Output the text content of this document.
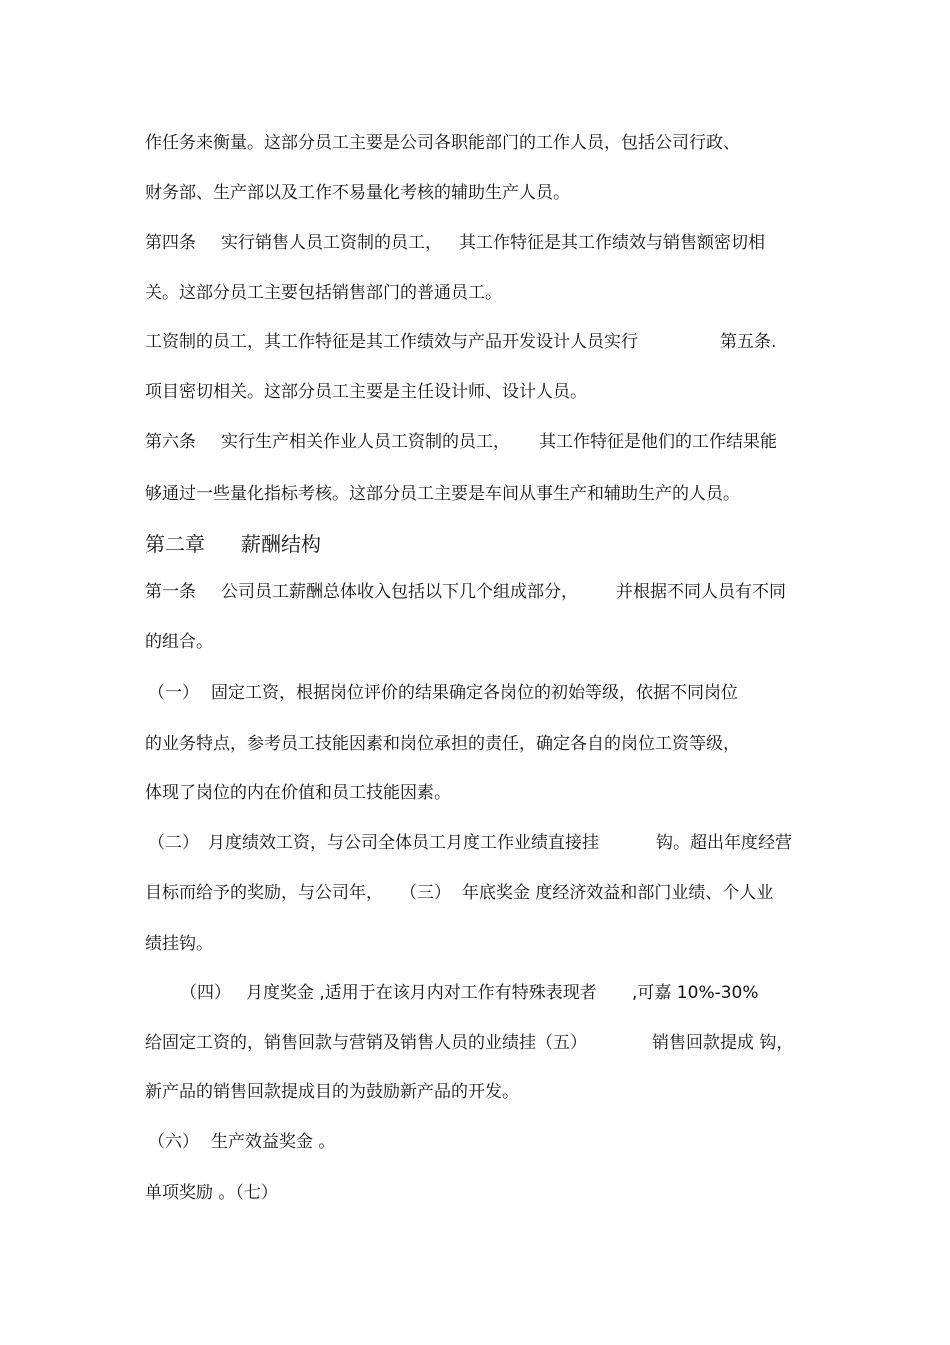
作任务来衡量。这部分员工主要是公司各职能部门的工作人员，包括公司行政、

财务部、生产部以及工作不易量化考核的辅助生产人员。

第四条

实行销售人员工资制的员工，

其工作特征是其工作绩效与销售额密切相

关。这部分员工主要包括销售部门的普通员工。

工资制的员工，其工作特征是其工作绩效与产品开发设计人员实行

	第五条.

项目密切相关。这部分员工主要是主任设计师、设计人员。

第六条

实行生产相关作业人员工资制的员工，

其工作特征是他们的工作结果能

够通过一些量化指标考核。这部分员工主要是车间从事生产和辅助生产的人员。

第二章

薪酬结构

第一条

公司员工薪酬总体收入包括以下几个组成部分，

并根据不同人员有不同

的组合。

（一）

固定工资，根据岗位评价的结果确定各岗位的初始等级，依据不同岗位

的业务特点，参考员工技能因素和岗位承担的责任，确定各自的岗位工资等级，

体现了岗位的内在价值和员工技能因素。

（二）

月度绩效工资，与公司全体员工月度工作业绩直接挂

	钩。超出年度经营

目标而给予的奖励，与公司年，

（三）

年底奖金 度经济效益和部门业绩、个人业

绩挂钩。

（四）

月度奖金 ,适用于在该月内对工作有特殊表现者

,可嘉 10%-30%

给固定工资的，销售回款与营销及销售人员的业绩挂（五）

	销售回款提成 钩，

新产品的销售回款提成目的为鼓励新产品的开发。

（六）

生产效益奖金 。

单项奖励 。（七）
